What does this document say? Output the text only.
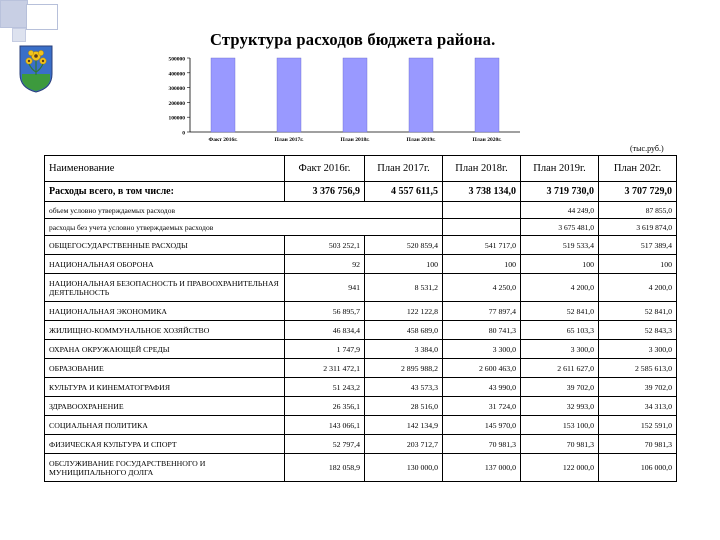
Структура расходов бюджета района.
500000
400000
300000
200000
100000
0
Факт 2016г.	План 2017г.	План 2018г.	План 2019г.	План 2020г.
(тыс.руб.)
Наименование	Факт 2016г.	План 2017г.	План 2018г.	План 2019г.	План 202г.
Расходы всего, в том числе:	3 376 756,9	4 557 611,5	3 738 134,0	3 719 730,0	3 707 729,0
объем условно утверждаемых расходов				44 249,0	87 855,0
расходы без учета условно утверждаемых расходов				3 675 481,0	3 619 874,0
ОБЩЕГОСУДАРСТВЕННЫЕ РАСХОДЫ	503 252,1	520 859,4	541 717,0	519 533,4	517 389,4
НАЦИОНАЛЬНАЯ ОБОРОНА	92	100	100	100	100
НАЦИОНАЛЬНАЯ БЕЗОПАСНОСТЬ И ПРАВООХРАНИТЕЛЬНАЯ ДЕЯТЕЛЬНОСТЬ	941	8 531,2	4 250,0	4 200,0	4 200,0
НАЦИОНАЛЬНАЯ ЭКОНОМИКА	56 895,7	122 122,8	77 897,4	52 841,0	52 841,0
ЖИЛИЩНО-КОММУНАЛЬНОЕ ХОЗЯЙСТВО	46 834,4	458 689,0	80 741,3	65 103,3	52 843,3
ОХРАНА ОКРУЖАЮЩЕЙ СРЕДЫ	1 747,9	3 384,0	3 300,0	3 300,0	3 300,0
ОБРАЗОВАНИЕ	2 311 472,1	2 895 988,2	2 600 463,0	2 611 627,0	2 585 613,0
КУЛЬТУРА И КИНЕМАТОГРАФИЯ	51 243,2	43 573,3	43 990,0	39 702,0	39 702,0
ЗДРАВООХРАНЕНИЕ	26 356,1	28 516,0	31 724,0	32 993,0	34 313,0
СОЦИАЛЬНАЯ ПОЛИТИКА	143 066,1	142 134,9	145 970,0	153 100,0	152 591,0
ФИЗИЧЕСКАЯ КУЛЬТУРА И СПОРТ	52 797,4	203 712,7	70 981,3	70 981,3	70 981,3
ОБСЛУЖИВАНИЕ ГОСУДАРСТВЕННОГО И МУНИЦИПАЛЬНОГО ДОЛГА	182 058,9	130 000,0	137 000,0	122 000,0	106 000,0
